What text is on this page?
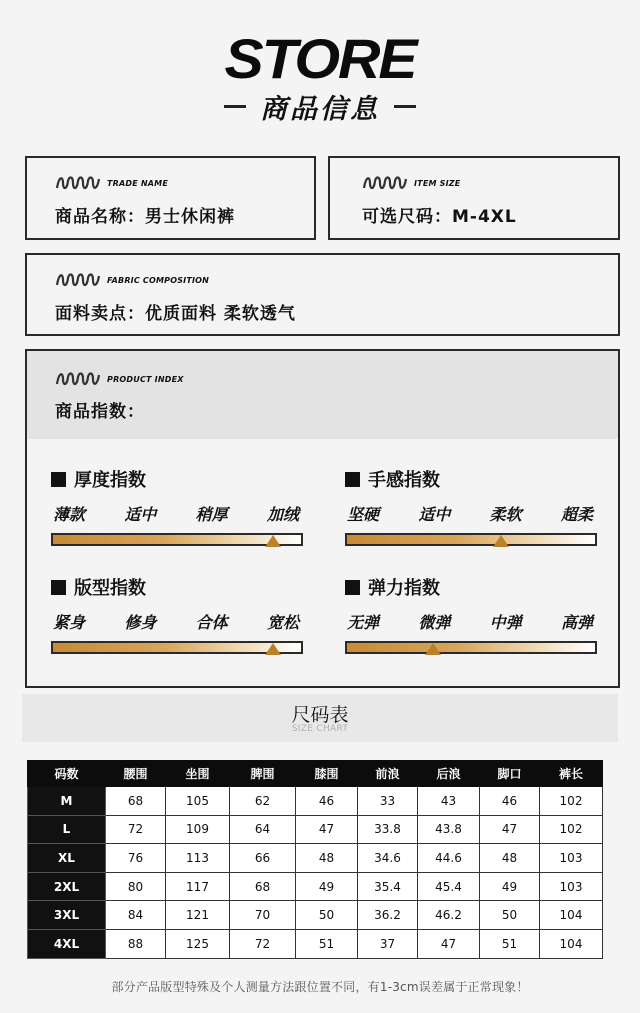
STORE
商品信息
TRADE NAME
商品名称：男士休闲裤
ITEM SIZE
可选尺码：M-4XL
FABRIC COMPOSITION
面料卖点：优质面料 柔软透气
PRODUCT INDEX
商品指数：
厚度指数
薄款 适中 稍厚 加绒
手感指数
坚硬 适中 柔软 超柔
版型指数
紧身 修身 合体 宽松
弹力指数
无弹 微弹 中弹 高弹
尺码表
SIZE CHART
码数	腰围	坐围	脾围	膝围	前浪	后浪	脚口	裤长
M	68	105	62	46	33	43	46	102
L	72	109	64	47	33.8	43.8	47	102
XL	76	113	66	48	34.6	44.6	48	103
2XL	80	117	68	49	35.4	45.4	49	103
3XL	84	121	70	50	36.2	46.2	50	104
4XL	88	125	72	51	37	47	51	104
部分产品版型特殊及个人测量方法跟位置不同，有1-3cm误差属于正常现象！
